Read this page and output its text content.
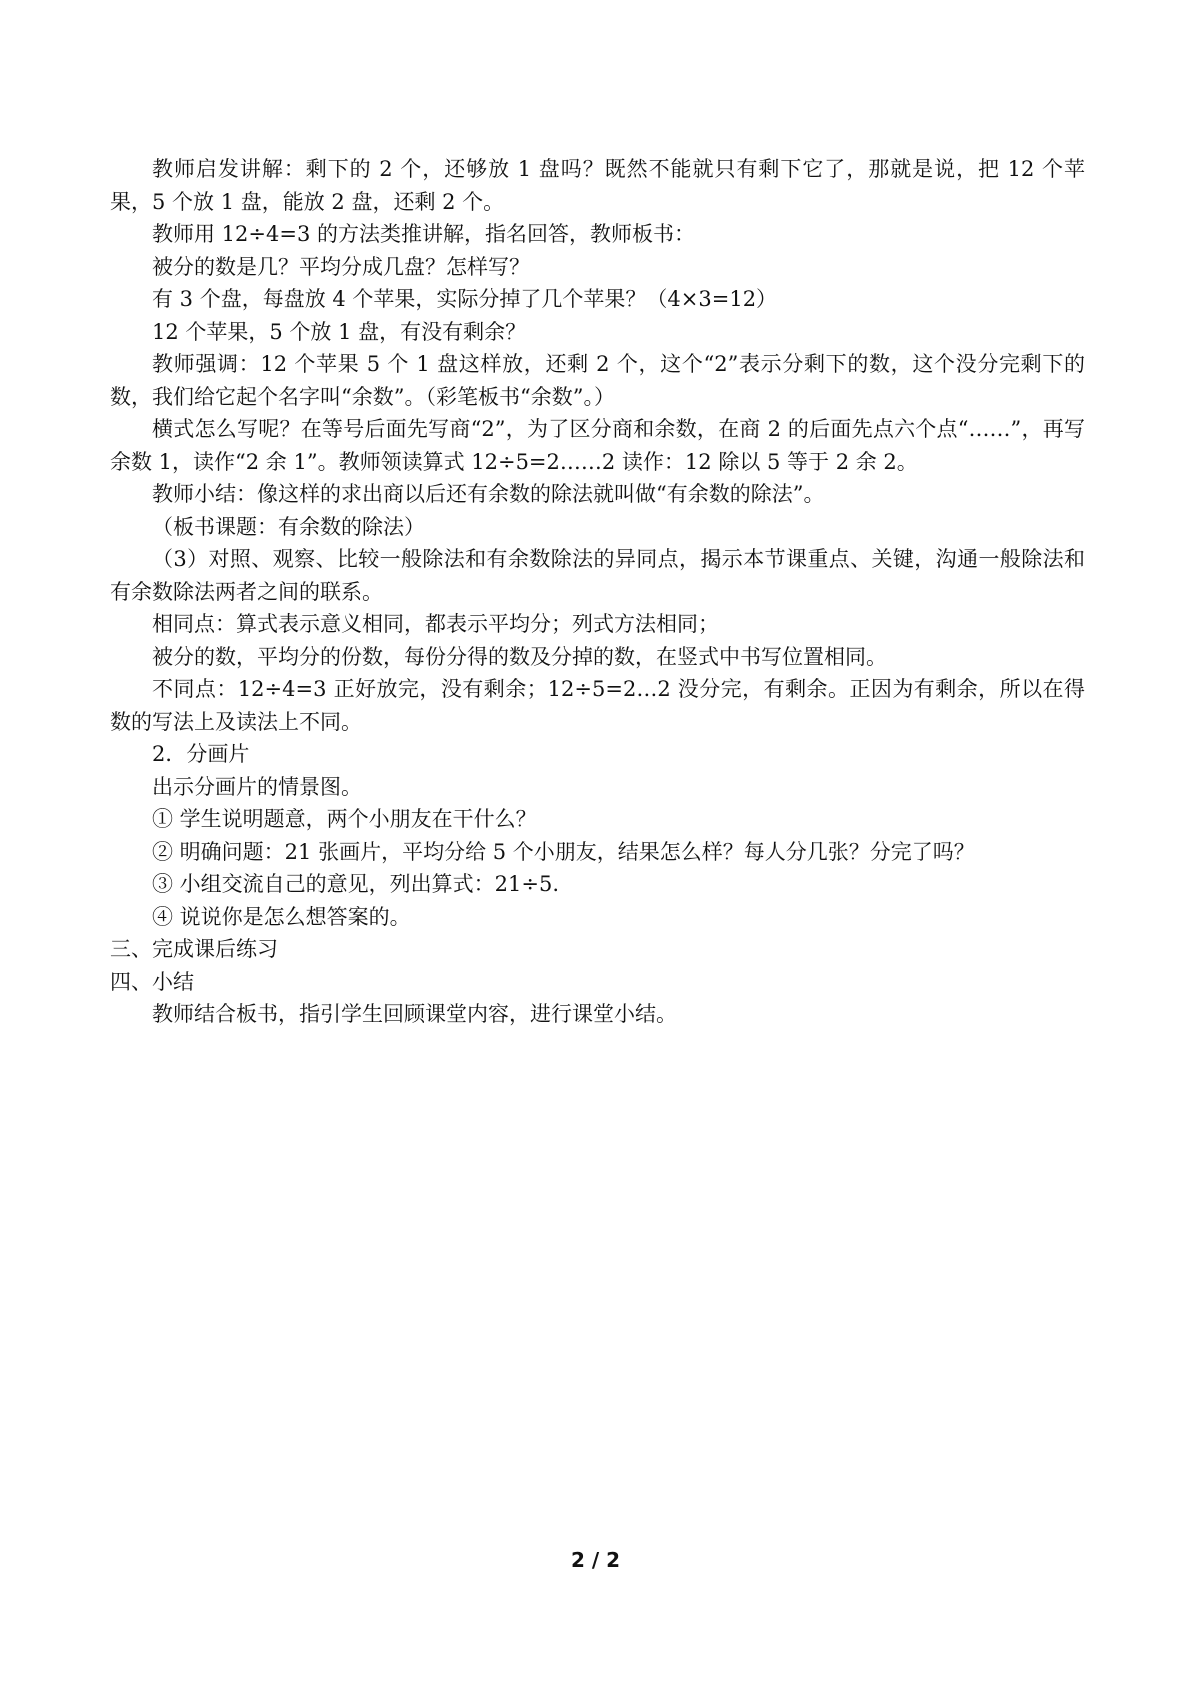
教师启发讲解：剩下的 2 个，还够放 1 盘吗？既然不能就只有剩下它了，那就是说，把 12 个苹果，5 个放 1 盘，能放 2 盘，还剩 2 个。

教师用 12÷4=3 的方法类推讲解，指名回答，教师板书：

被分的数是几？平均分成几盘？怎样写？

有 3 个盘，每盘放 4 个苹果，实际分掉了几个苹果？（4×3=12）

12 个苹果，5 个放 1 盘，有没有剩余？

教师强调：12 个苹果 5 个 1 盘这样放，还剩 2 个，这个“2”表示分剩下的数，这个没分完剩下的数，我们给它起个名字叫“余数”。（彩笔板书“余数”。）

横式怎么写呢？在等号后面先写商“2”，为了区分商和余数，在商 2 的后面先点六个点“……”，再写余数 1，读作“2 余 1”。教师领读算式 12÷5=2……2 读作：12 除以 5 等于 2 余 2。

教师小结：像这样的求出商以后还有余数的除法就叫做“有余数的除法”。

（板书课题：有余数的除法）

（3）对照、观察、比较一般除法和有余数除法的异同点，揭示本节课重点、关键，沟通一般除法和有余数除法两者之间的联系。

相同点：算式表示意义相同，都表示平均分；列式方法相同；

被分的数，平均分的份数，每份分得的数及分掉的数，在竖式中书写位置相同。

不同点：12÷4=3 正好放完，没有剩余；12÷5=2…2 没分完，有剩余。正因为有剩余，所以在得数的写法上及读法上不同。

2．分画片

出示分画片的情景图。

① 学生说明题意，两个小朋友在干什么？

② 明确问题：21 张画片，平均分给 5 个小朋友，结果怎么样？每人分几张？分完了吗？

③ 小组交流自己的意见，列出算式：21÷5.

④ 说说你是怎么想答案的。

三、完成课后练习

四、小结

教师结合板书，指引学生回顾课堂内容，进行课堂小结。

2 / 2
